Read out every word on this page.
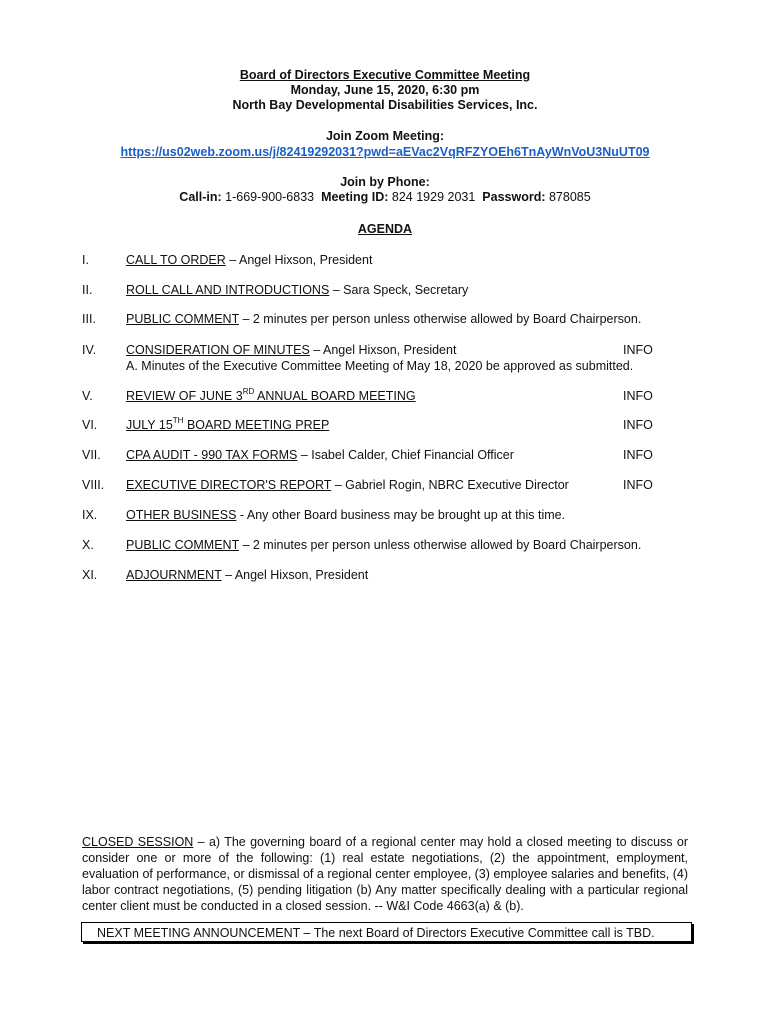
Board of Directors Executive Committee Meeting
Monday, June 15, 2020, 6:30 pm
North Bay Developmental Disabilities Services, Inc.
Join Zoom Meeting:
https://us02web.zoom.us/j/82419292031?pwd=aEVac2VqRFZYOEh6TnAyWnVoU3NuUT09
Join by Phone:
Call-in: 1-669-900-6833 Meeting ID: 824 1929 2031 Password: 878085
AGENDA
I.	CALL TO ORDER – Angel Hixson, President
II.	ROLL CALL AND INTRODUCTIONS – Sara Speck, Secretary
III. PUBLIC COMMENT – 2 minutes per person unless otherwise allowed by Board Chairperson.
IV. CONSIDERATION OF MINUTES – Angel Hixson, President	INFO
A. Minutes of the Executive Committee Meeting of May 18, 2020 be approved as submitted.
V.	REVIEW OF JUNE 3RD ANNUAL BOARD MEETING	INFO
VI. JULY 15TH BOARD MEETING PREP	INFO
VII. CPA AUDIT - 990 TAX FORMS – Isabel Calder, Chief Financial Officer	INFO
VIII. EXECUTIVE DIRECTOR'S REPORT – Gabriel Rogin, NBRC Executive Director	INFO
IX. OTHER BUSINESS - Any other Board business may be brought up at this time.
X.	PUBLIC COMMENT – 2 minutes per person unless otherwise allowed by Board Chairperson.
XI. ADJOURNMENT – Angel Hixson, President
CLOSED SESSION – a) The governing board of a regional center may hold a closed meeting to discuss or consider one or more of the following: (1) real estate negotiations, (2) the appointment, employment, evaluation of performance, or dismissal of a regional center employee, (3) employee salaries and benefits, (4) labor contract negotiations, (5) pending litigation (b) Any matter specifically dealing with a particular regional center client must be conducted in a closed session. -- W&I Code 4663(a) & (b).
NEXT MEETING ANNOUNCEMENT – The next Board of Directors Executive Committee call is TBD.
